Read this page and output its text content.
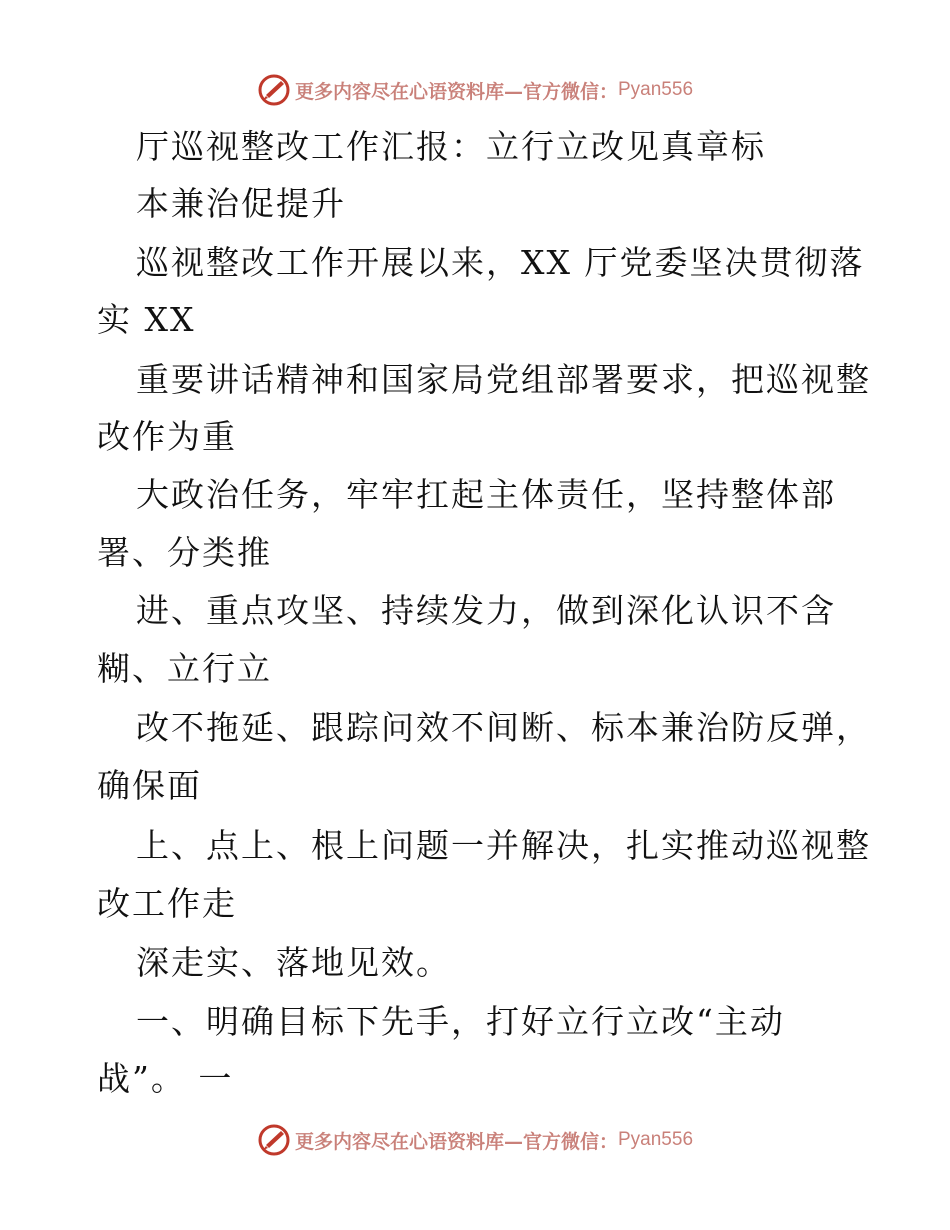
更多内容尽在心语资料库—官方微信： Pyan556
厅巡视整改工作汇报：立行立改见真章标
本兼治促提升
巡视整改工作开展以来，XX 厅党委坚决贯彻落
实 XX
重要讲话精神和国家局党组部署要求，把巡视整
改作为重
大政治任务，牢牢扛起主体责任，坚持整体部
署、分类推
进、重点攻坚、持续发力，做到深化认识不含
糊、立行立
改不拖延、跟踪问效不间断、标本兼治防反弹，
确保面
上、点上、根上问题一并解决，扎实推动巡视整
改工作走
深走实、落地见效。
一、明确目标下先手，打好立行立改“主动
战”。 一
更多内容尽在心语资料库—官方微信： Pyan556
